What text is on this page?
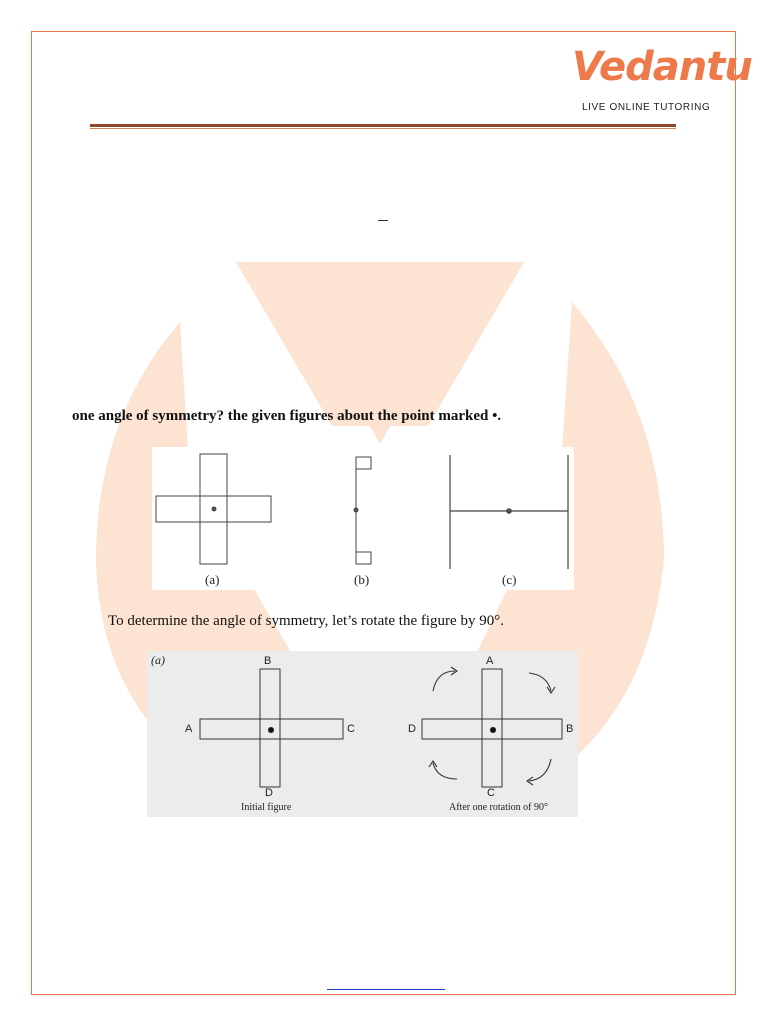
Vedantu
LIVE ONLINE TUTORING
one angle of symmetry? the given figures about the point marked •.
(a)	(b)	(c)
To determine the angle of symmetry, let’s rotate the figure by 90°.
(a)	B
A	C
D
Initial figure
A
D	B
C
After one rotation of 90°
